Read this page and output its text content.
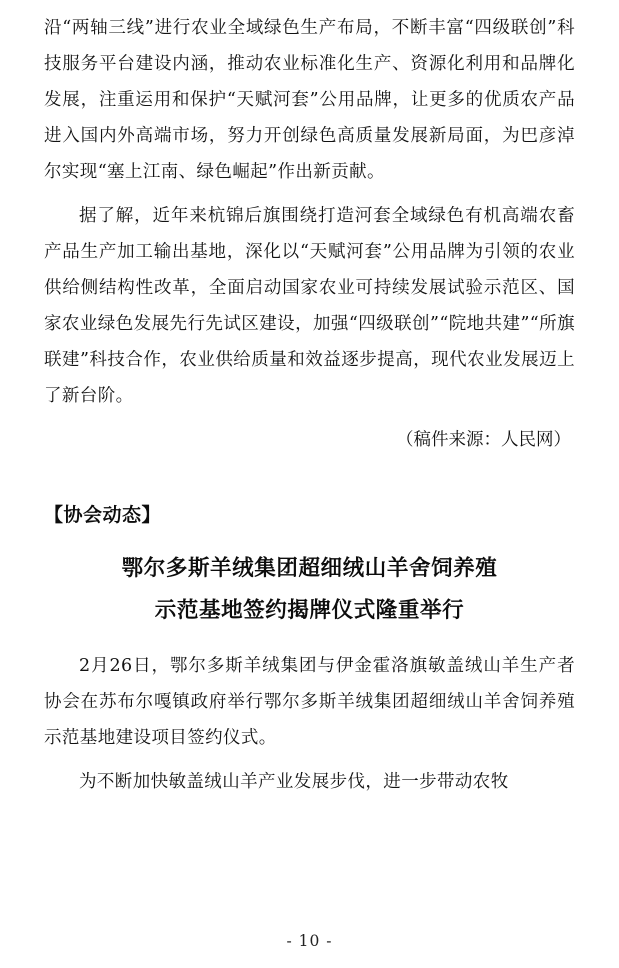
沿“两轴三线”进行农业全域绿色生产布局，不断丰富“四级联创”科技服务平台建设内涵，推动农业标准化生产、资源化利用和品牌化发展，注重运用和保护“天赋河套”公用品牌，让更多的优质农产品进入国内外高端市场，努力开创绿色高质量发展新局面，为巴彦淖尔实现“塞上江南、绿色崛起”作出新贡献。

据了解，近年来杭锦后旗围绕打造河套全域绿色有机高端农畜产品生产加工输出基地，深化以“天赋河套”公用品牌为引领的农业供给侧结构性改革，全面启动国家农业可持续发展试验示范区、国家农业绿色发展先行先试区建设，加强“四级联创”“院地共建”“所旗联建”科技合作，农业供给质量和效益逐步提高，现代农业发展迈上了新台阶。

（稿件来源：人民网）

【协会动态】

鄂尔多斯羊绒集团超细绒山羊舍饲养殖

示范基地签约揭牌仪式隆重举行

2月26日，鄂尔多斯羊绒集团与伊金霍洛旗敏盖绒山羊生产者协会在苏布尔嘎镇政府举行鄂尔多斯羊绒集团超细绒山羊舍饲养殖示范基地建设项目签约仪式。

为不断加快敏盖绒山羊产业发展步伐，进一步带动农牧

- 10 -
